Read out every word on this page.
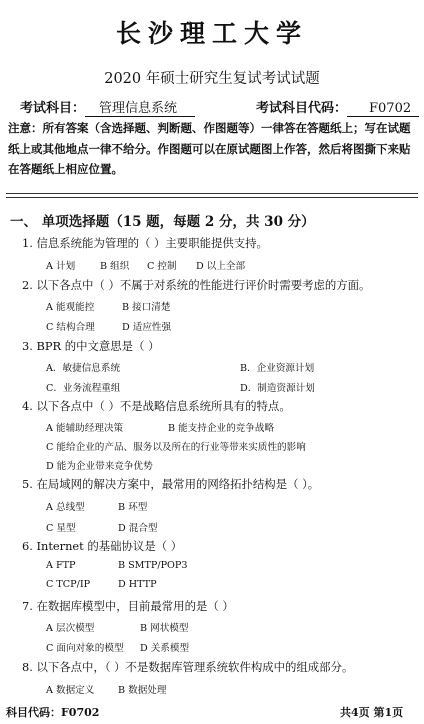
长沙理工大学
2020 年硕士研究生复试考试试题
考试科目： 管理信息系统	考试科目代码： F0702
注意：所有答案（含选择题、判断题、作图题等）一律答在答题纸上；写在试题纸上或其他地点一律不给分。作图题可以在原试题图上作答，然后将图撕下来贴在答题纸上相应位置。
一、 单项选择题（15 题，每题 2 分，共 30 分）
1. 信息系统能为管理的（ ）主要职能提供支持。
A 计划	B 组织 C 控制 D 以上全部
2. 以下各点中（ ）不属于对系统的性能进行评价时需要考虑的方面。
A 能观能控	B 接口清楚
C 结构合理	D 适应性强
3. BPR 的中文意思是（ ）
A．敏捷信息系统	B．企业资源计划
C．业务流程重组	D．制造资源计划
4. 以下各点中（ ）不是战略信息系统所具有的特点。
A 能辅助经理决策	B 能支持企业的竞争战略
C 能给企业的产品、服务以及所在的行业等带来实质性的影响
D 能为企业带来竞争优势
5. 在局域网的解决方案中，最常用的网络拓扑结构是（ ）。
A 总线型	B 环型
C 星型	D 混合型
6. Internet 的基础协议是（ ）
A FTP	B SMTP/POP3
C TCP/IP	D HTTP
7. 在数据库模型中，目前最常用的是（ ）
A 层次模型	B 网状模型
C 面向对象的模型 D 关系模型
8. 以下各点中，（ ）不是数据库管理系统软件构成中的组成部分。
A 数据定义 B 数据处理
科目代码：F0702	共4页 第1页
